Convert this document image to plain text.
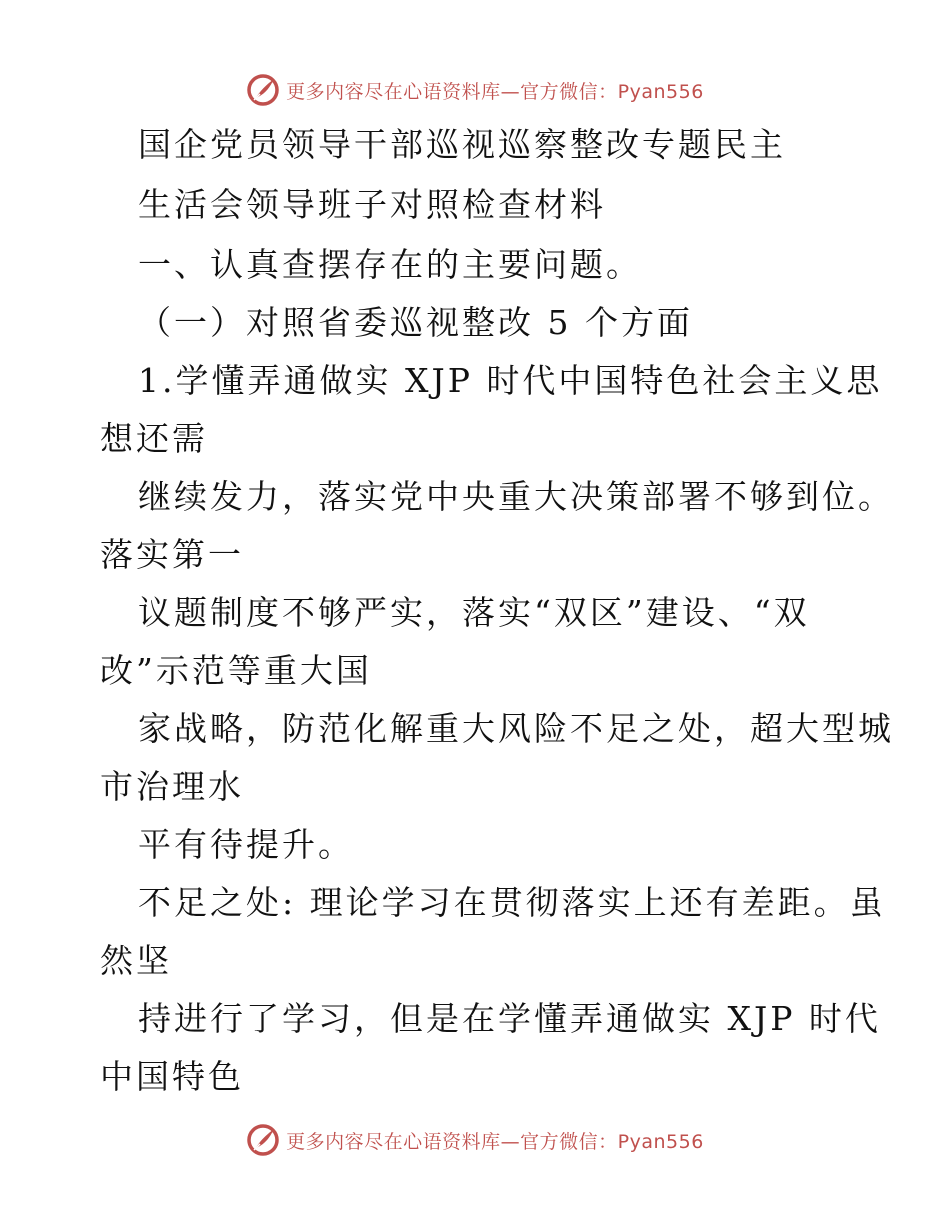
更多内容尽在心语资料库—官方微信：Pyan556
国企党员领导干部巡视巡察整改专题民主
生活会领导班子对照检查材料
一、认真查摆存在的主要问题。
（一）对照省委巡视整改 5 个方面
1.学懂弄通做实 XJP 时代中国特色社会主义思
想还需
继续发力，落实党中央重大决策部署不够到位。
落实第一
议题制度不够严实，落实“双区”建设、“双
改”示范等重大国
家战略，防范化解重大风险不足之处，超大型城
市治理水
平有待提升。
不足之处: 理论学习在贯彻落实上还有差距。虽
然坚
持进行了学习，但是在学懂弄通做实 XJP 时代
中国特色
更多内容尽在心语资料库—官方微信：Pyan556
